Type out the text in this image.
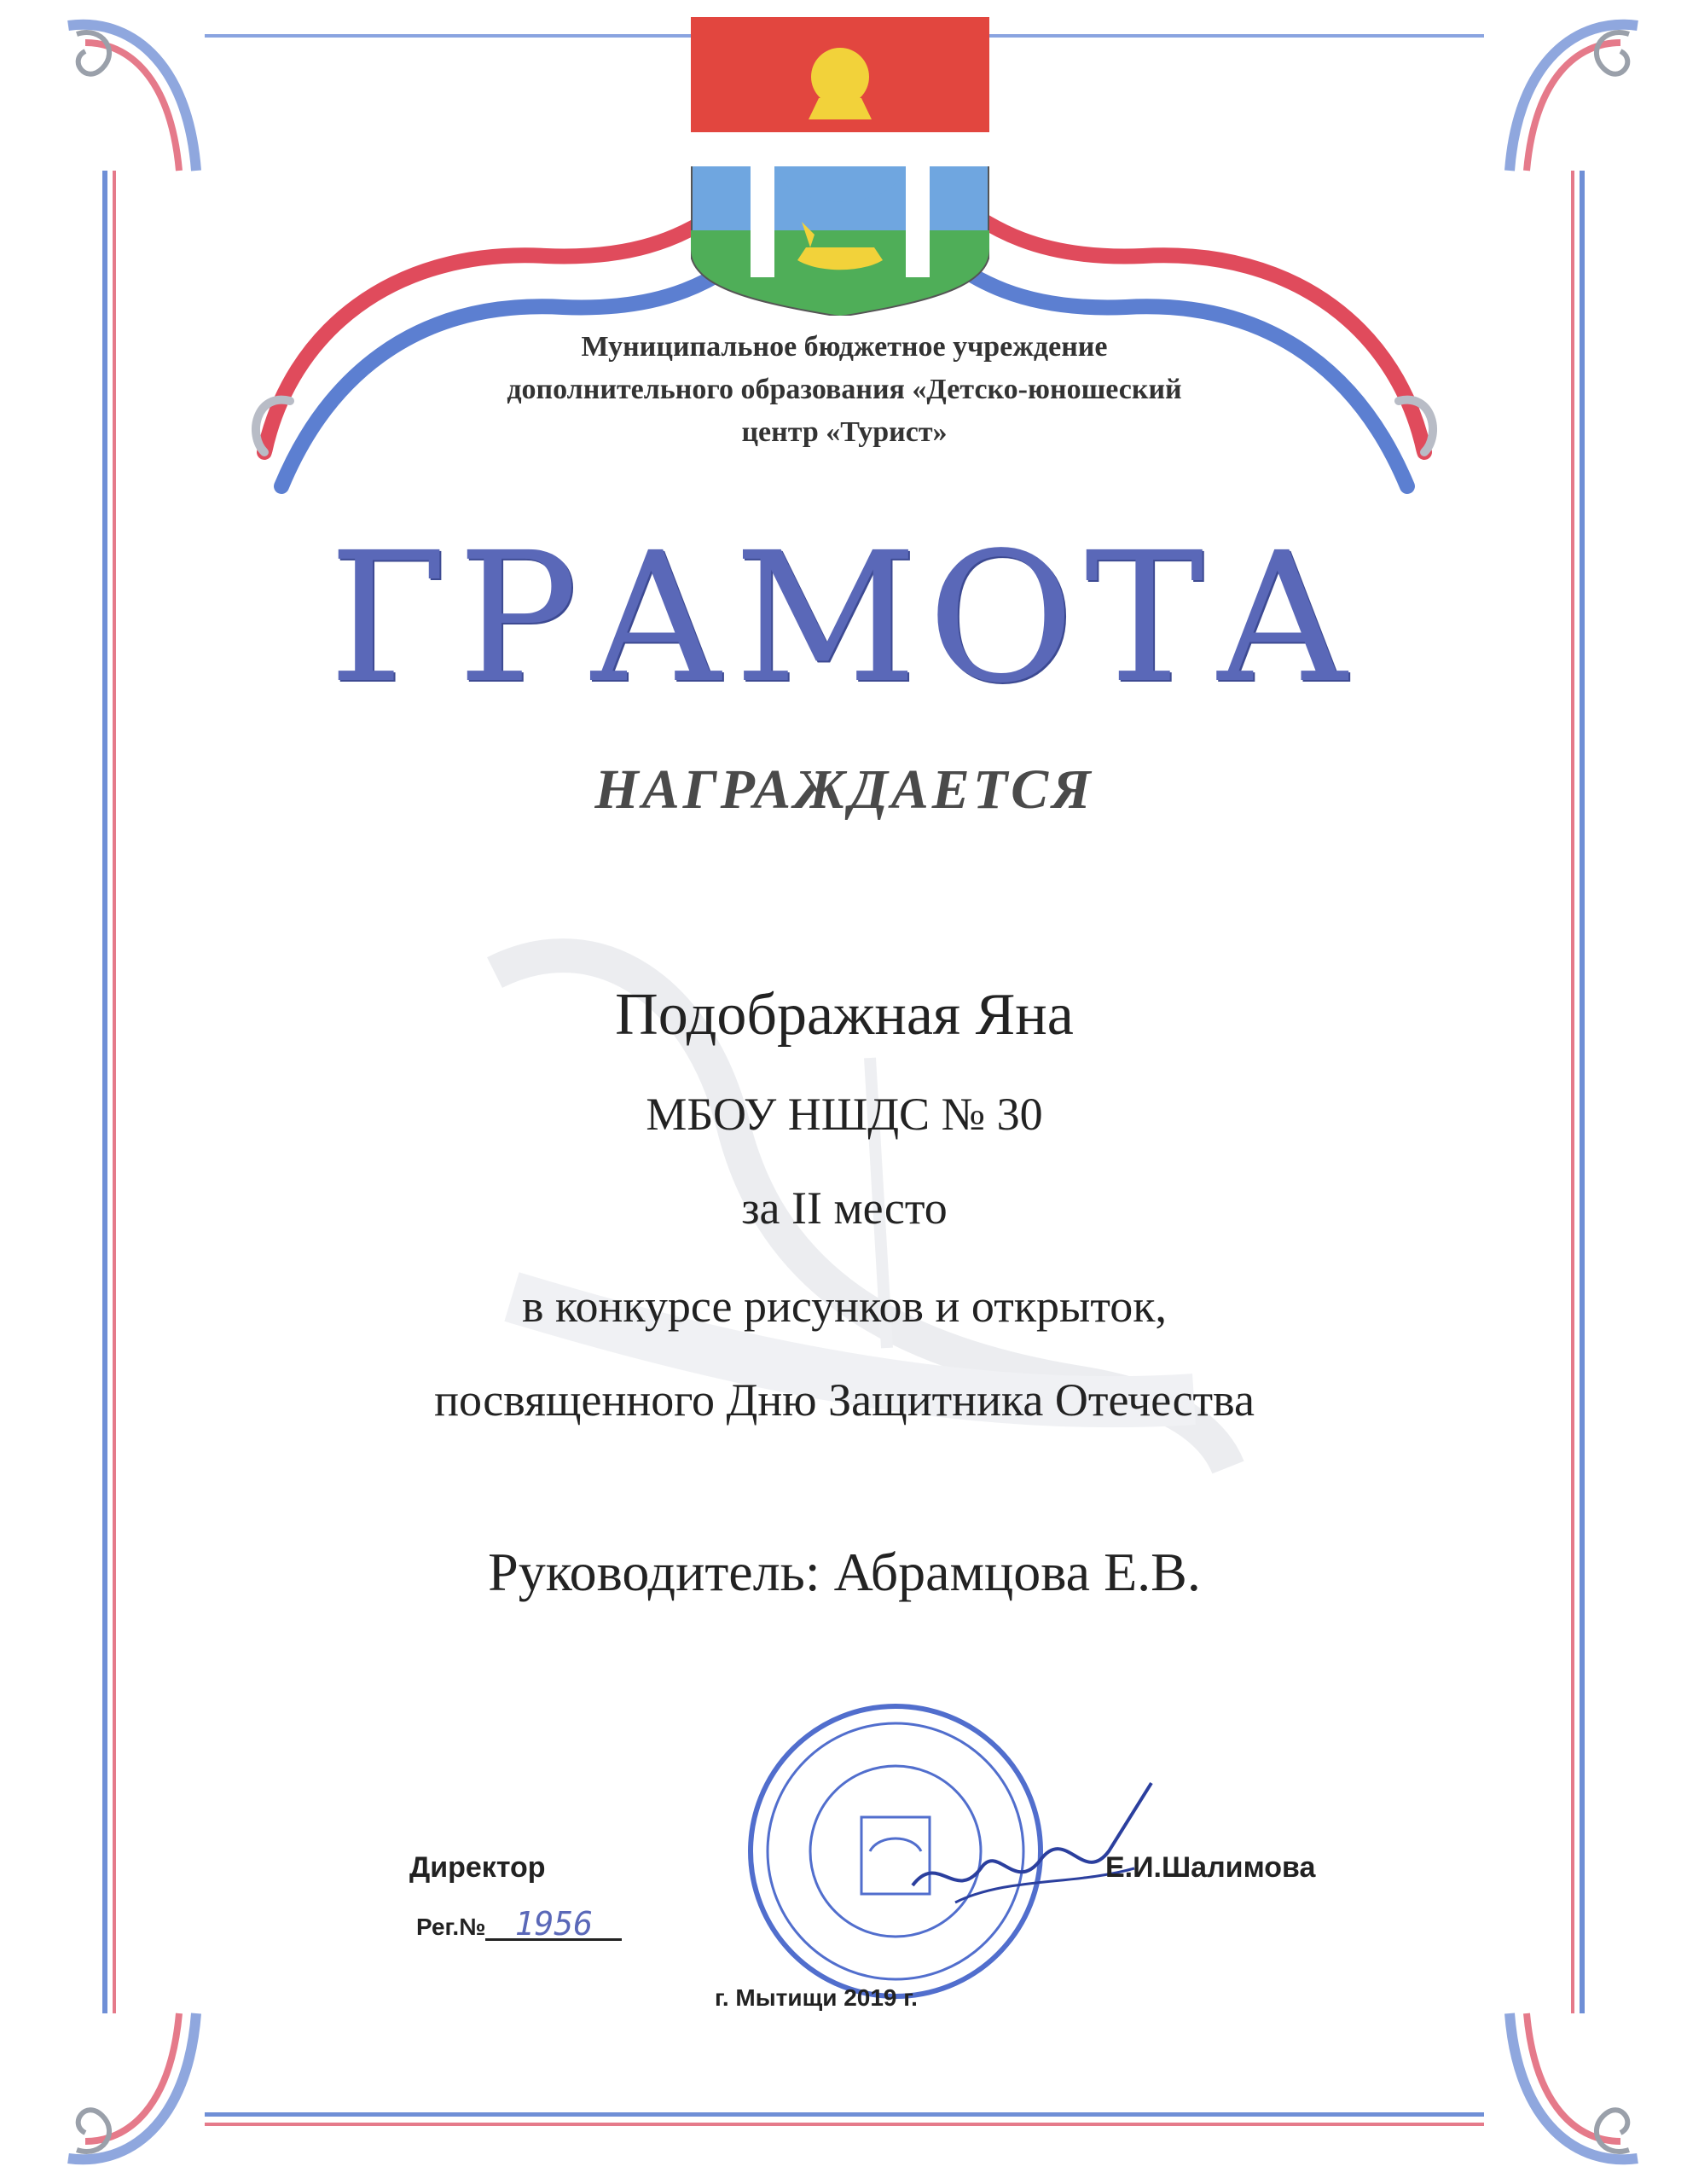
Муниципальное бюджетное учреждение
дополнительного образования «Детско-юношеский
центр «Турист»
ГРАМОТА
НАГРАЖДАЕТСЯ
Подображная Яна
МБОУ НШДС № 30
за II место
в конкурсе рисунков и открыток,
посвященного Дню Защитника Отечества
Руководитель: Абрамцова Е.В.
Директор
Рег.№ 1956
Е.И.Шалимова
г. Мытищи 2019 г.
